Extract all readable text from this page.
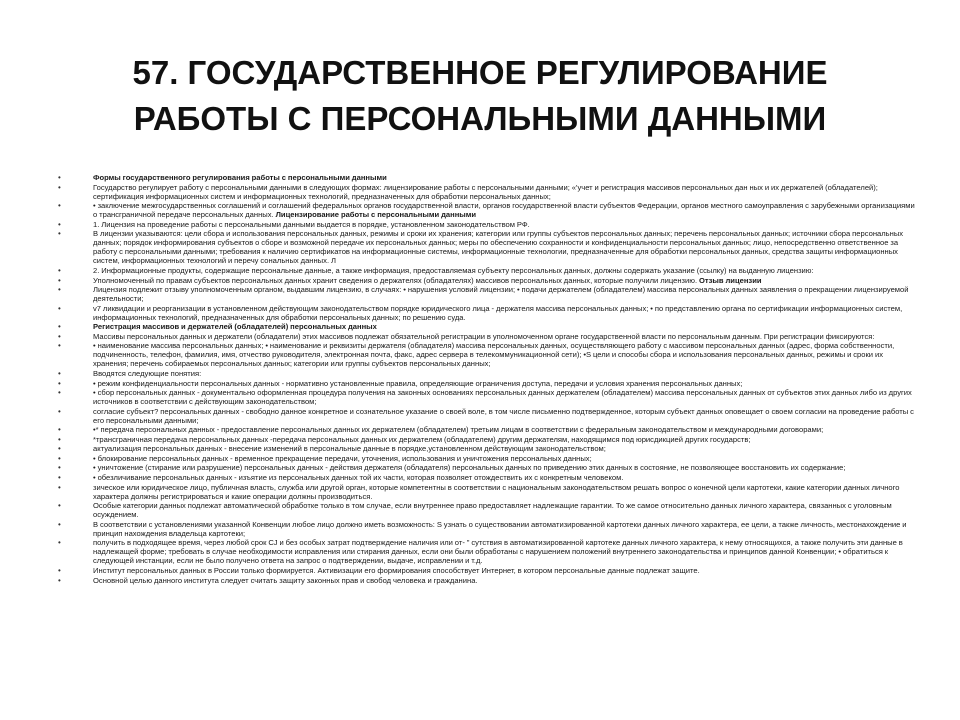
57. ГОСУДАРСТВЕННОЕ РЕГУЛИРОВАНИЕ
РАБОТЫ С ПЕРСОНАЛЬНЫМИ ДАННЫМИ
•	Формы государственного регулирования работы с персональными данными
•	Государство регулирует работу с персональными данными в следующих формах: лицензирование работы с персональными данными; «'учет и регистрация массивов персональных дан ных и их держателей (обладателей); сертификация информационных систем и информационных технологий, предназначенных для обработки персональных данных;
•	• заключение межгосударственных соглашений и соглашений федеральных органов государственной власти, органов государственной власти субъектов Федерации, органов местного самоуправления с зарубежными организациями о трансграничной передаче персональных данных. Лицензирование работы с персональными данными
•	1. Лицензия на проведение работы с персональными данными выдается в порядке, установленном законодательством РФ.
•	В лицензии указываются: цели сбора и использования персональных данных, режимы и сроки их хранения; категории или группы субъектов персональных данных; перечень персональных данных; источники сбора персональных данных; порядок информирования субъектов о сборе и возможной передаче их персональных данных; меры по обеспечению сохранности и конфиденциальности персональных данных; лицо, непосредственно ответственное за работу с персональными данными; требования к наличию сертификатов на информационные системы, информационные технологии, предназначенные для обработки персональных данных, средства защиты информационных систем, информационных технологий и перечу сональных данных. Л
•	2. Информационные продукты, содержащие персональные данные, а также информация, предоставляемая субъекту персональных данных, должны содержать указание (ссылку) на выданную лицензию:
•	Уполномоченный по правам субъектов персональных данных хранит сведения о держателях (обладателях) массивов персональных данных, которые получили лицензию. Отзыв лицензии
•	Лицензия подлежит отзыву уполномоченным органом, выдавшим лицензию, в случаях: • нарушения условий лицензии; • подачи держателем (обладателем) массива персональных данных заявления о прекращении лицензируемой деятельности;
•	v7 ликвидации и реорганизации в установленном действующим законодательством порядке юридического лица - держателя массива персональных данных; • по представлению органа по сертификации информационных систем, информационных технологий, предназначенных для обработки персональных данных; по решению суда.
•	Регистрация массивов и держателей (обладателей) персональных данных
•	Массивы персональных данных и держатели (обладатели) этих массивов подлежат обязательной регистрации в уполномоченном органе государственной власти по персональным данным. При регистрации фиксируются:
•	• наименование массива персональных данных; • наименование и реквизиты держателя (обладателя) массива персональных данных, осуществляющего работу с массивом персональных данных (адрес, форма собственности, подчиненность, телефон, фамилия, имя, отчество руководителя, электронная почта, факс, адрес сервера в телекоммуникационной сети); •S цели и способы сбора и использования персональных данных, режимы и сроки их хранения; перечень собираемых персональных данных; категории или группы субъектов персональных данных;
•	Вводятся следующие понятия:
•	• режим конфиденциальности персональных данных - нормативно установленные правила, определяющие ограничения доступа, передачи и условия хранения персональных данных;
•	• сбор персональных данных - документально оформленная процедура получения на законных основаниях персональных данных держателем (обладателем) массива персональных данных от субъектов этих данных либо из других источников в соответствии с действующим законодательством;
•	согласие субъект? персональных данных - свободно данное конкретное и сознательное указание о своей воле, в том числе письменно подтвержденное, которым субъект данных оповещает о своем согласии на проведение работы с его персональными данными;
•	•* передача персональных данных - предоставление персональных данных их держателем (обладателем) третьим лицам в соответствии с федеральным законодательством и международными договорами;
•	*трансграничная передача персональных данных -передача персональных данных их держателем (обладателем) другим держателям, находящимся под юрисдикцией других государств;
•	актуализация персональных данных - внесение изменений в персональные данные в порядке,установленном действующим законодательством;
•	• блокирование персональных данных - временное прекращение передачи, уточнения, использования и уничтожения персональных данных;
•	• уничтожение (стирание или разрушение) персональных данных - действия держателя (обладателя) персональных данных по приведению этих данных в состояние, не позволяющее восстановить их содержание;
•	• обезличивание персональных данных - изъятие из персональных данных той их части, которая позволяет отождествить их с конкретным человеком.
•	зическое или юридическое лицо, публичная власть, служба или другой орган, которые компетентны в соответствии с национальным законодательством решать вопрос о конечной цели картотеки, какие категории данных личного характера должны регистрироваться и какие операции должны производиться.
•	Особые категории данных подлежат автоматической обработке только в том случае, если внутреннее право предоставляет надлежащие гарантии. То же самое относительно данных личного характера, связанных с уголовным осуждением.
•	В соответствии с установлениями указанной Конвенции любое лицо должно иметь возможность: S узнать о существовании автоматизированной картотеки данных личного характера, ее цели, а также личность, местонахождение и принцип нахождения владельца картотеки;
•	получить в подходящее время, через любой срок CJ и без особых затрат подтверждение наличия или от- " сутствия в автоматизированной картотеке данных личного характера, к нему относящихся, а также получить эти данные в надлежащей форме; требовать в случае необходимости исправления или стирания данных, если они были обработаны с нарушением положений внутреннего законодательства и принципов данной Конвенции; • обратиться к следующей инстанции, если не было получено ответа на запрос о подтверждении, выдаче, исправлении и т.д.
•	Институт персональных данных в России только формируется. Активизации его формирования способствует Интернет, в котором персональные данные подлежат защите.
•	Основной целью данного института следует считать защиту законных прав и свобод человека и гражданина.
